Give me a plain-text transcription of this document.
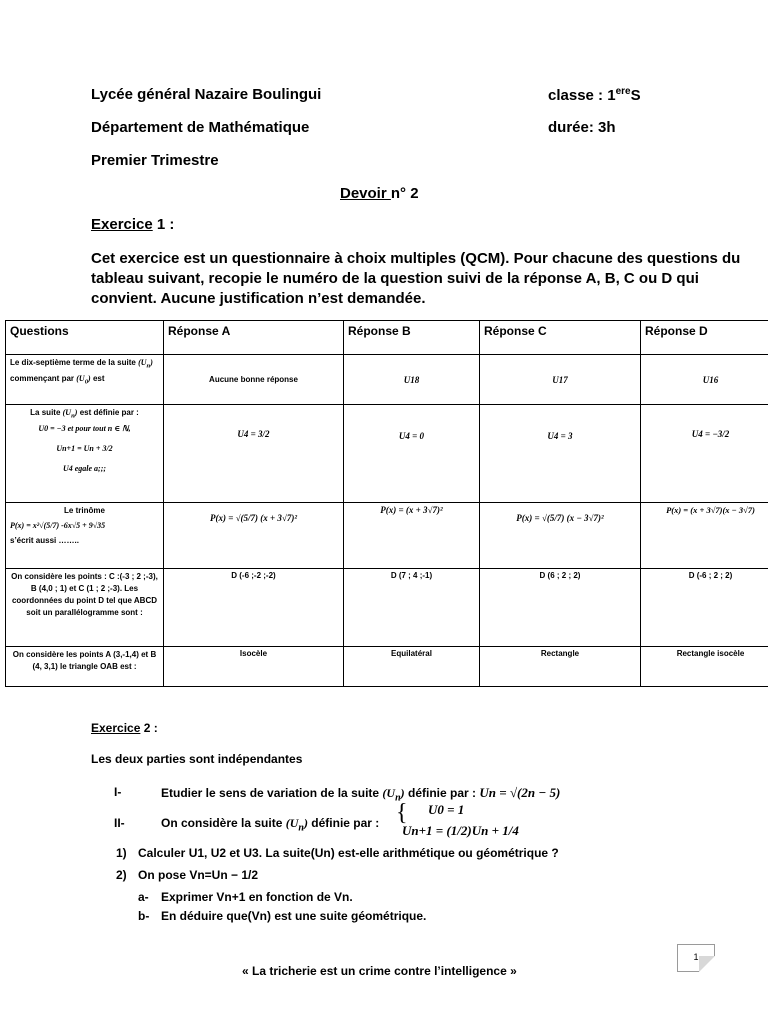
Lycée général Nazaire Boulingui	classe : 1ereS
Département de Mathématique	durée: 3h
Premier Trimestre
Devoir n° 2
Exercice 1 :
Cet exercice est un questionnaire à choix multiples (QCM). Pour chacune des questions du tableau suivant, recopie le numéro de la question suivi de la réponse A, B, C ou D qui convient. Aucune justification n’est demandée.
Questions	Réponse A	Réponse B	Réponse C	Réponse D
Le dix-septième terme de la suite $(U_n)$ commençant par $(U_0)$ est	Aucune bonne réponse	U18	U17	U16

La suite $(U_n)$ est définie par :
U0 = −3 et pour tout n ∈ ℕ,
Un+1 = Un + 3/2
U4 egale a;;;	U4 = 3/2	U4 = 0	U4 = 3	U4 = −3/2

Le trinôme
P(x) = x²√(5/7) -6x√5 + 9√35
s’écrit aussi ……..	P(x) = √(5/7) (x + 3√7)²	P(x) = (x + 3√7)²	P(x) = √(5/7) (x − 3√7)²	P(x) = (x + 3√7)(x − 3√7)
On considère les points : C :(-3 ; 2 ;-3), B (4,0 ; 1) et C (1 ; 2 ;-3). Les coordonnées du point D tel que ABCD soit un parallélogramme sont :	D (-6 ;-2 ;-2)	D (7 ; 4 ;-1)	D (6 ; 2 ; 2)	D (-6 ; 2 ; 2)
On considère les points A (3,-1,4) et B (4, 3,1) le triangle OAB est :	Isocèle	Equilatéral	Rectangle	Rectangle isocèle
Exercice 2 :
Les deux parties sont indépendantes
I-	Etudier le sens de variation de la suite $(U_n)$ définie par : Un = √(2n − 5)
II-	On considère la suite $(U_n)$ définie par : { U0 = 1
Un+1 = (1/2)Un + 1/4
1) Calculer U1, U2 et U3. La suite(Un) est-elle arithmétique ou géométrique ?
2) On pose Vn=Un − 1/2
a- Exprimer Vn+1 en fonction de Vn.
b- En déduire que(Vn) est une suite géométrique.
1
« La tricherie est un crime contre l’intelligence »
